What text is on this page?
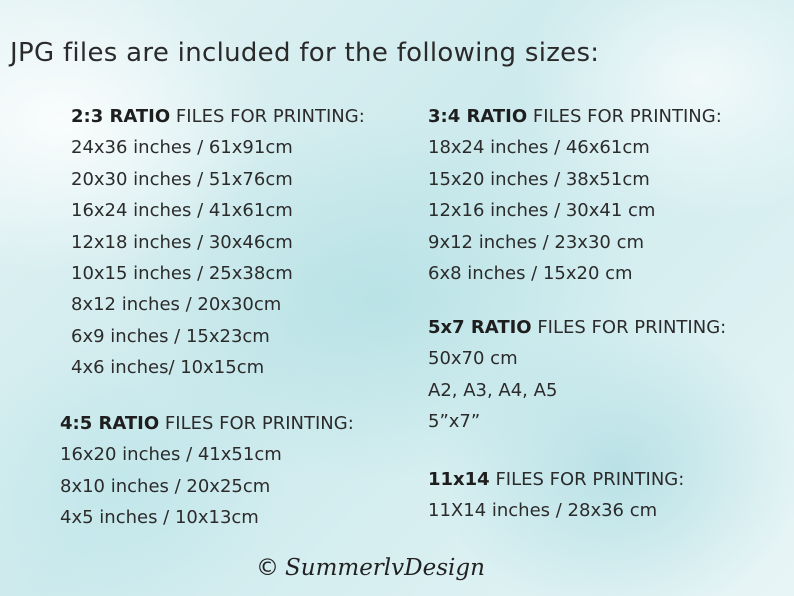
JPG files are included for the following sizes:
2:3 RATIO FILES FOR PRINTING:
24x36 inches / 61x91cm
20x30 inches / 51x76cm
16x24 inches / 41x61cm
12x18 inches / 30x46cm
10x15 inches / 25x38cm
8x12 inches / 20x30cm
6x9 inches / 15x23cm
4x6 inches/ 10x15cm
4:5 RATIO FILES FOR PRINTING:
16x20 inches / 41x51cm
8x10 inches / 20x25cm
4x5 inches / 10x13cm
3:4 RATIO FILES FOR PRINTING:
18x24 inches / 46x61cm
15x20 inches / 38x51cm
12x16 inches / 30x41 cm
9x12 inches / 23x30 cm
6x8 inches / 15x20 cm
5x7 RATIO FILES FOR PRINTING:
50x70 cm
A2, A3, A4, A5
5”x7”
11x14 FILES FOR PRINTING:
11X14 inches / 28x36 cm
© SummerlvDesign
